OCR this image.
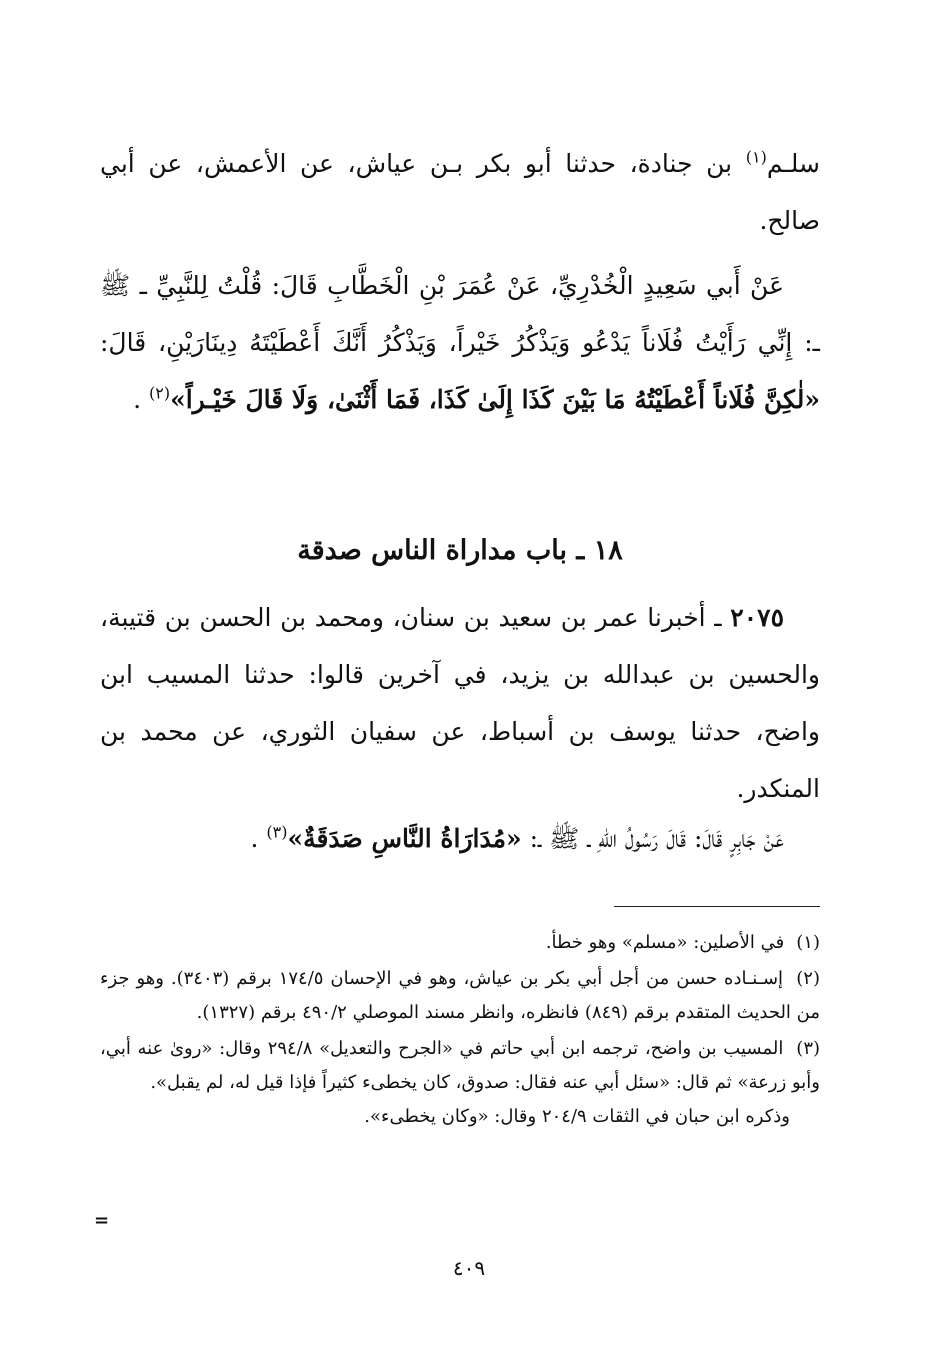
سلـم$^{(١)}$ بن جنادة، حدثنا أبو بكر بـن عياش، عن الأعمش، عن أبي صالح.

عَنْ أَبي سَعِيدٍ الْخُدْرِيِّ، عَنْ عُمَرَ بْنِ الْخَطَّابِ قَالَ: قُلْتُ لِلنَّبِيِّ ـ ﷺ ـ: إِنِّي رَأَيْتُ فُلَاناً يَدْعُو وَيَذْكُرُ خَيْراً، وَيَذْكُرُ أَنَّكَ أَعْطَيْتَهُ دِينَارَيْنِ، قَالَ: «لٰكِنَّ فُلَاناً أَعْطَيْتُهُ مَا بَيْنَ كَذَا إِلَىٰ كَذَا، فَمَا أَثْنَىٰ، وَلَا قَالَ خَيْـراً»$^{(٢)}$ .

١٨ ـ باب مداراة الناس صدقة

٢٠٧٥ ـ أخبرنا عمر بن سعيد بن سنان، ومحمد بن الحسن بن قتيبة، والحسين بن عبدالله بن يزيد، في آخرين قالوا: حدثنا المسيب ابن واضح، حدثنا يوسف بن أسباط، عن سفيان الثوري، عن محمد بن المنكدر.

عَنْ جَابِرٍ قَالَ: قَالَ رَسُولُ اللهِ ـ ﷺ ـ: «مُدَارَاةُ النَّاسِ صَدَقَةٌ»$^{(٣)}$ .

(١) في الأصلين: «مسلم» وهو خطأ.
(٢) إسـنـاده حسن من أجل أبي بكر بن عياش، وهو في الإحسان ١٧٤/٥ برقم (٣٤٠٣). وهو جزء من الحديث المتقدم برقم (٨٤٩) فانظره، وانظر مسند الموصلي ٤٩٠/٢ برقم (١٣٢٧).
(٣) المسيب بن واضح، ترجمه ابن أبي حاتم في «الجرح والتعديل» ٢٩٤/٨ وقال: «روىٰ عنه أبي، وأبو زرعة» ثم قال: «سئل أبي عنه فقال: صدوق، كان يخطىء كثيراً فإذا قيل له، لم يقبل».
وذكره ابن حبان في الثقات ٢٠٤/٩ وقال: «وكان يخطىء».
=
٤٠٩
